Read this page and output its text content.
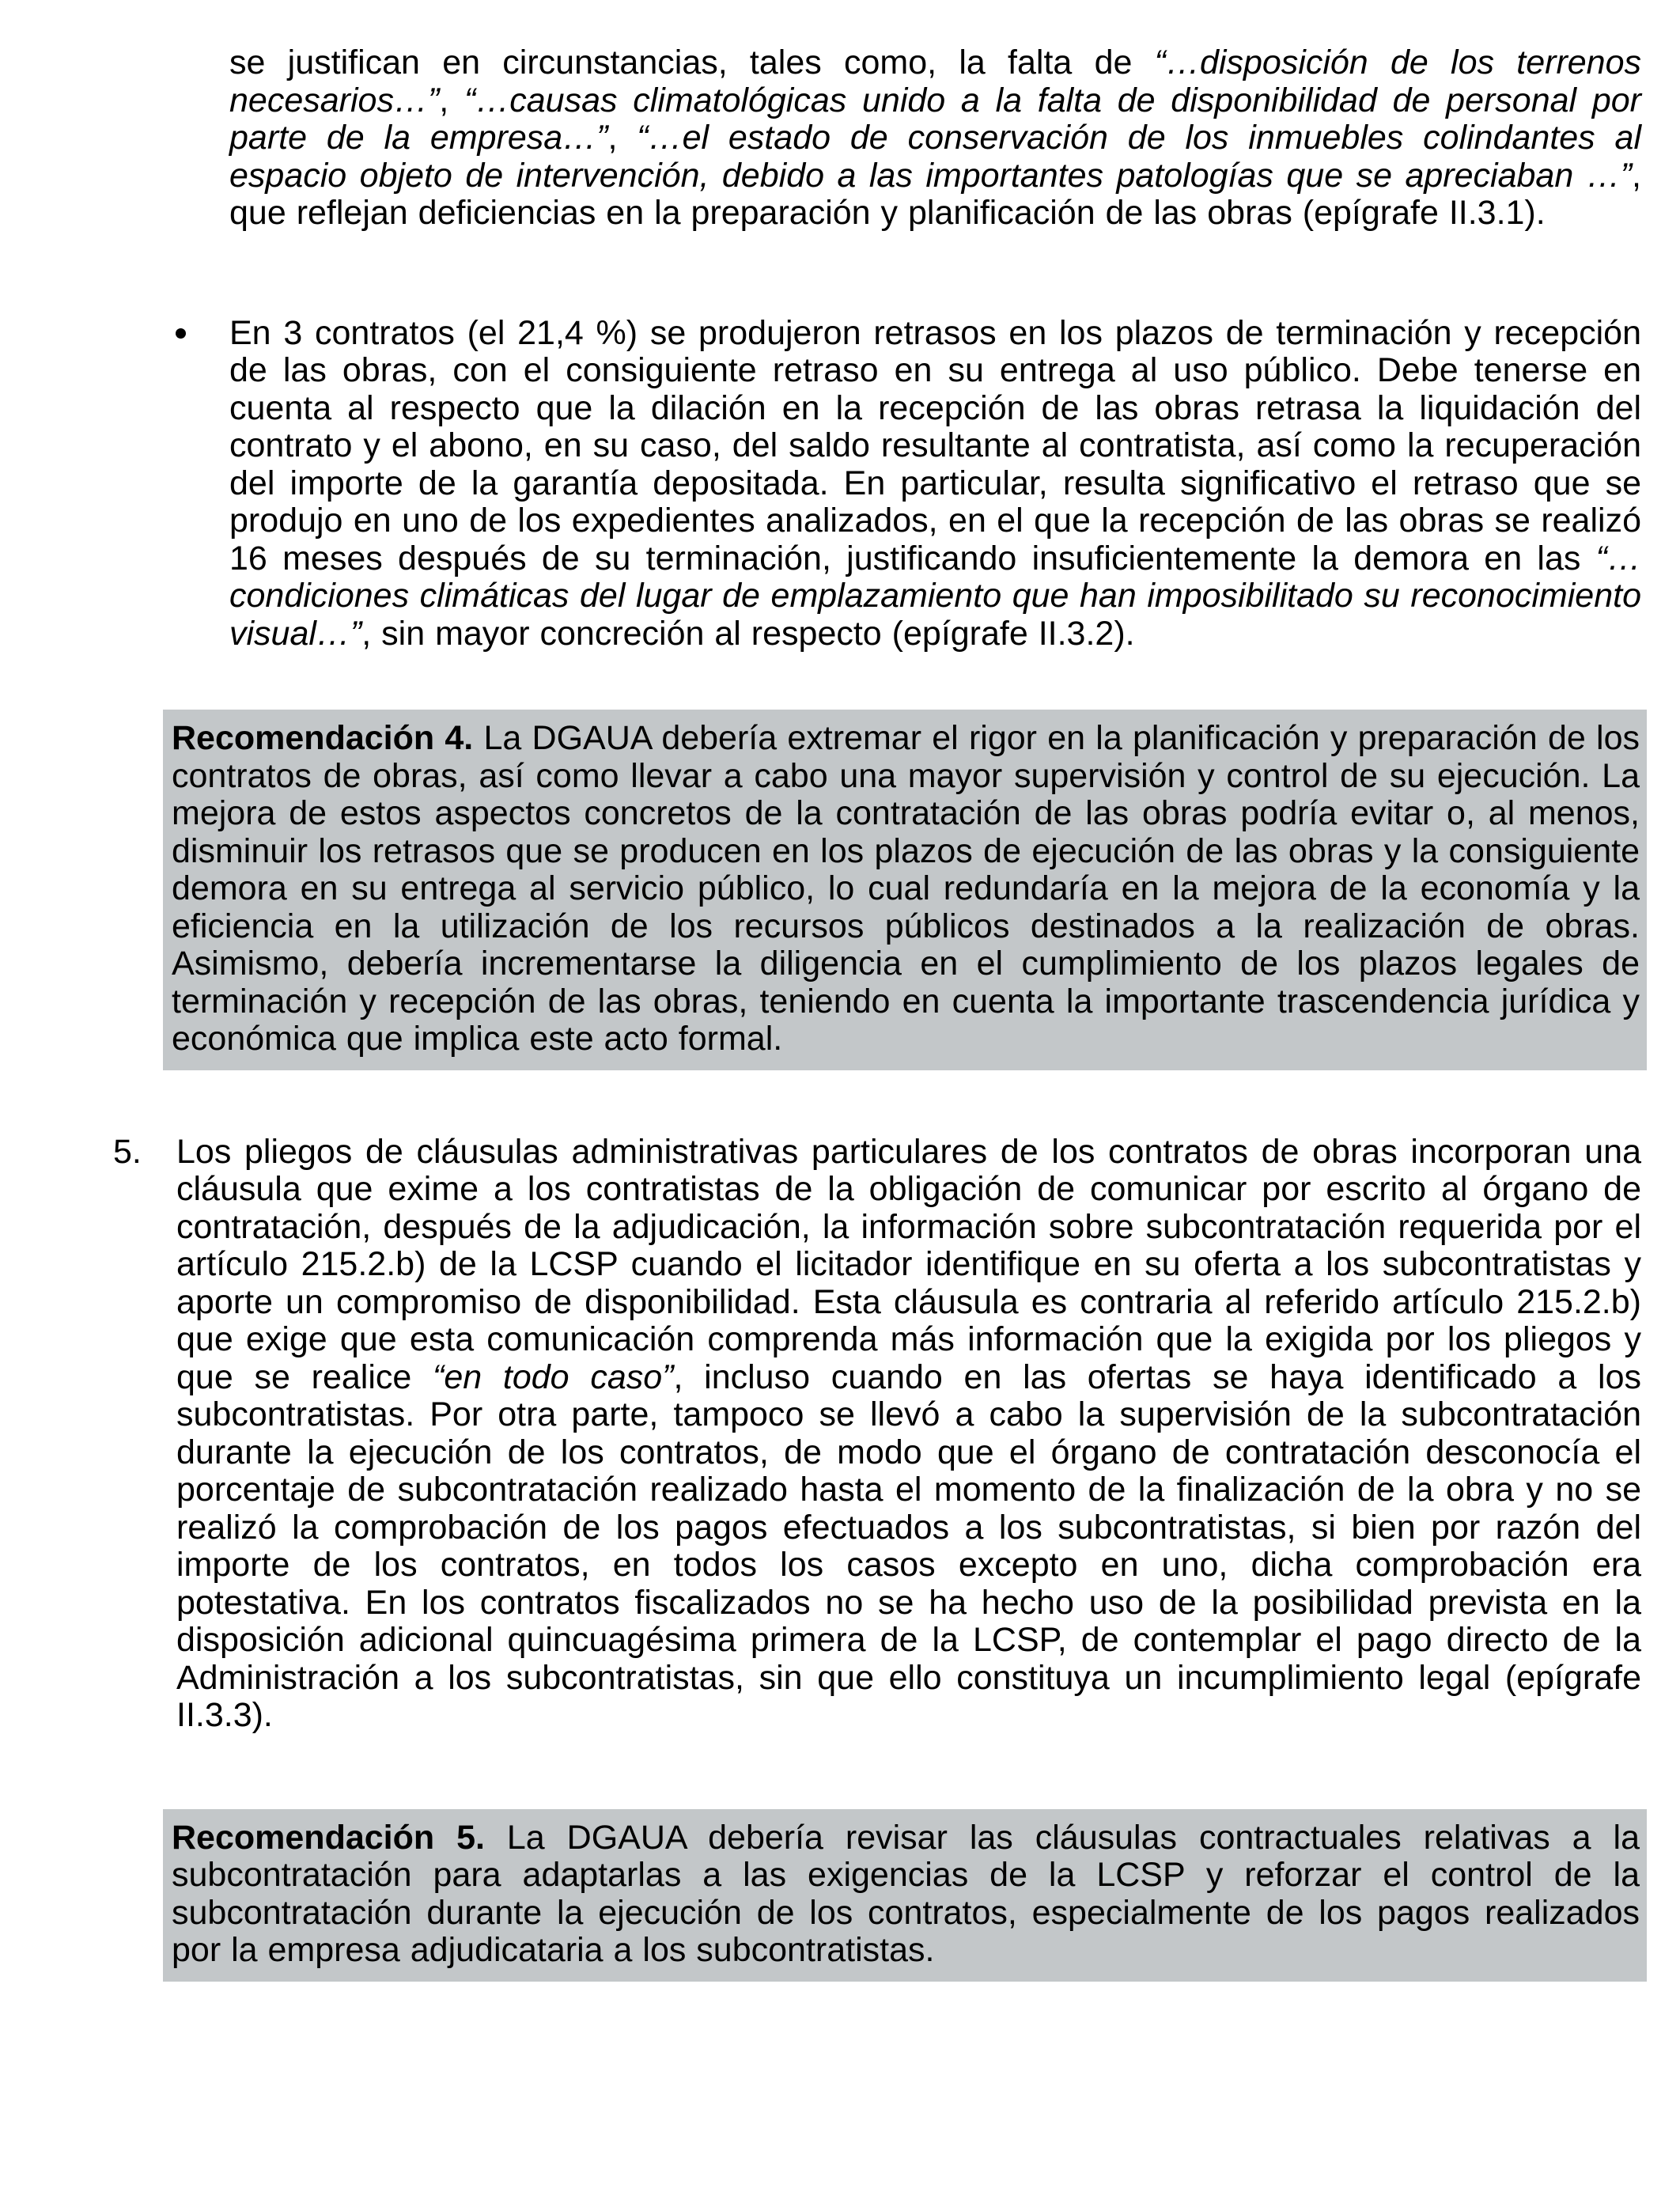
se justifican en circunstancias, tales como, la falta de “…disposición de los terrenos necesarios…”, “…causas climatológicas unido a la falta de disponibilidad de personal por parte de la empresa…”, “…el estado de conservación de los inmuebles colindantes al espacio objeto de intervención, debido a las importantes patologías que se apreciaban …”, que reflejan deficiencias en la preparación y planificación de las obras (epígrafe II.3.1).
En 3 contratos (el 21,4 %) se produjeron retrasos en los plazos de terminación y recepción de las obras, con el consiguiente retraso en su entrega al uso público. Debe tenerse en cuenta al respecto que la dilación en la recepción de las obras retrasa la liquidación del contrato y el abono, en su caso, del saldo resultante al contratista, así como la recuperación del importe de la garantía depositada. En particular, resulta significativo el retraso que se produjo en uno de los expedientes analizados, en el que la recepción de las obras se realizó 16 meses después de su terminación, justificando insuficientemente la demora en las “…condiciones climáticas del lugar de emplazamiento que han imposibilitado su reconocimiento visual…”, sin mayor concreción al respecto (epígrafe II.3.2).
Recomendación 4. La DGAUA debería extremar el rigor en la planificación y preparación de los contratos de obras, así como llevar a cabo una mayor supervisión y control de su ejecución. La mejora de estos aspectos concretos de la contratación de las obras podría evitar o, al menos, disminuir los retrasos que se producen en los plazos de ejecución de las obras y la consiguiente demora en su entrega al servicio público, lo cual redundaría en la mejora de la economía y la eficiencia en la utilización de los recursos públicos destinados a la realización de obras. Asimismo, debería incrementarse la diligencia en el cumplimiento de los plazos legales de terminación y recepción de las obras, teniendo en cuenta la importante trascendencia jurídica y económica que implica este acto formal.
5. Los pliegos de cláusulas administrativas particulares de los contratos de obras incorporan una cláusula que exime a los contratistas de la obligación de comunicar por escrito al órgano de contratación, después de la adjudicación, la información sobre subcontratación requerida por el artículo 215.2.b) de la LCSP cuando el licitador identifique en su oferta a los subcontratistas y aporte un compromiso de disponibilidad. Esta cláusula es contraria al referido artículo 215.2.b) que exige que esta comunicación comprenda más información que la exigida por los pliegos y que se realice “en todo caso”, incluso cuando en las ofertas se haya identificado a los subcontratistas. Por otra parte, tampoco se llevó a cabo la supervisión de la subcontratación durante la ejecución de los contratos, de modo que el órgano de contratación desconocía el porcentaje de subcontratación realizado hasta el momento de la finalización de la obra y no se realizó la comprobación de los pagos efectuados a los subcontratistas, si bien por razón del importe de los contratos, en todos los casos excepto en uno, dicha comprobación era potestativa. En los contratos fiscalizados no se ha hecho uso de la posibilidad prevista en la disposición adicional quincuagésima primera de la LCSP, de contemplar el pago directo de la Administración a los subcontratistas, sin que ello constituya un incumplimiento legal (epígrafe II.3.3).
Recomendación 5. La DGAUA debería revisar las cláusulas contractuales relativas a la subcontratación para adaptarlas a las exigencias de la LCSP y reforzar el control de la subcontratación durante la ejecución de los contratos, especialmente de los pagos realizados por la empresa adjudicataria a los subcontratistas.
